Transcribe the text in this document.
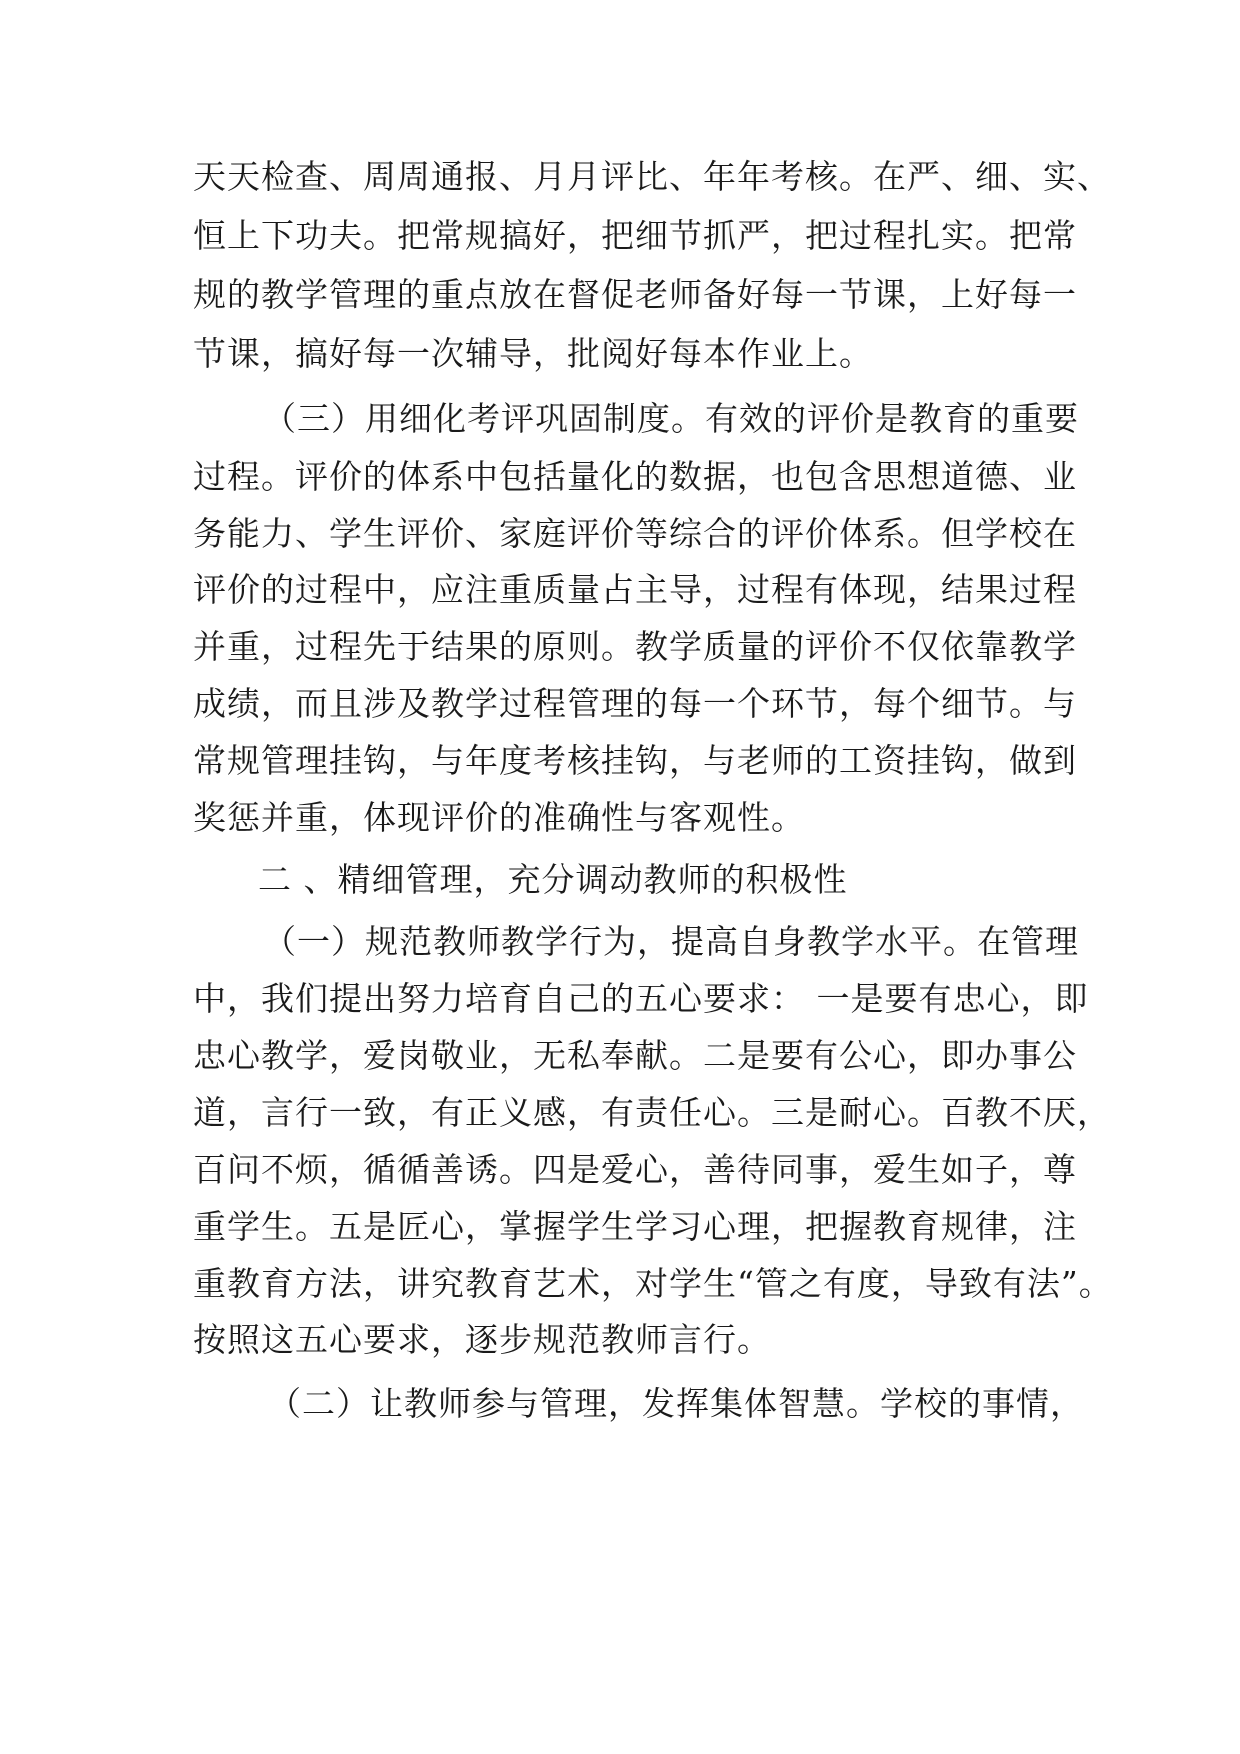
天天检查、周周通报、月月评比、年年考核。在严、细、实、
恒上下功夫。把常规搞好，把细节抓严，把过程扎实。把常
规的教学管理的重点放在督促老师备好每一节课，上好每一
节课，搞好每一次辅导，批阅好每本作业上。
（三）用细化考评巩固制度。有效的评价是教育的重要
过程。评价的体系中包括量化的数据，也包含思想道德、业
务能力、学生评价、家庭评价等综合的评价体系。但学校在
评价的过程中，应注重质量占主导，过程有体现，结果过程
并重，过程先于结果的原则。教学质量的评价不仅依靠教学
成绩，而且涉及教学过程管理的每一个环节，每个细节。与
常规管理挂钩，与年度考核挂钩，与老师的工资挂钩，做到
奖惩并重，体现评价的准确性与客观性。
二 、精细管理，充分调动教师的积极性
（一）规范教师教学行为，提高自身教学水平。在管理
中，我们提出努力培育自己的五心要求： 一是要有忠心，即
忠心教学，爱岗敬业，无私奉献。二是要有公心，即办事公
道，言行一致，有正义感，有责任心。三是耐心。百教不厌，
百问不烦，循循善诱。四是爱心，善待同事，爱生如子，尊
重学生。五是匠心，掌握学生学习心理，把握教育规律，注
重教育方法，讲究教育艺术，对学生“管之有度，导致有法”。
按照这五心要求，逐步规范教师言行。
（二）让教师参与管理，发挥集体智慧。学校的事情，
